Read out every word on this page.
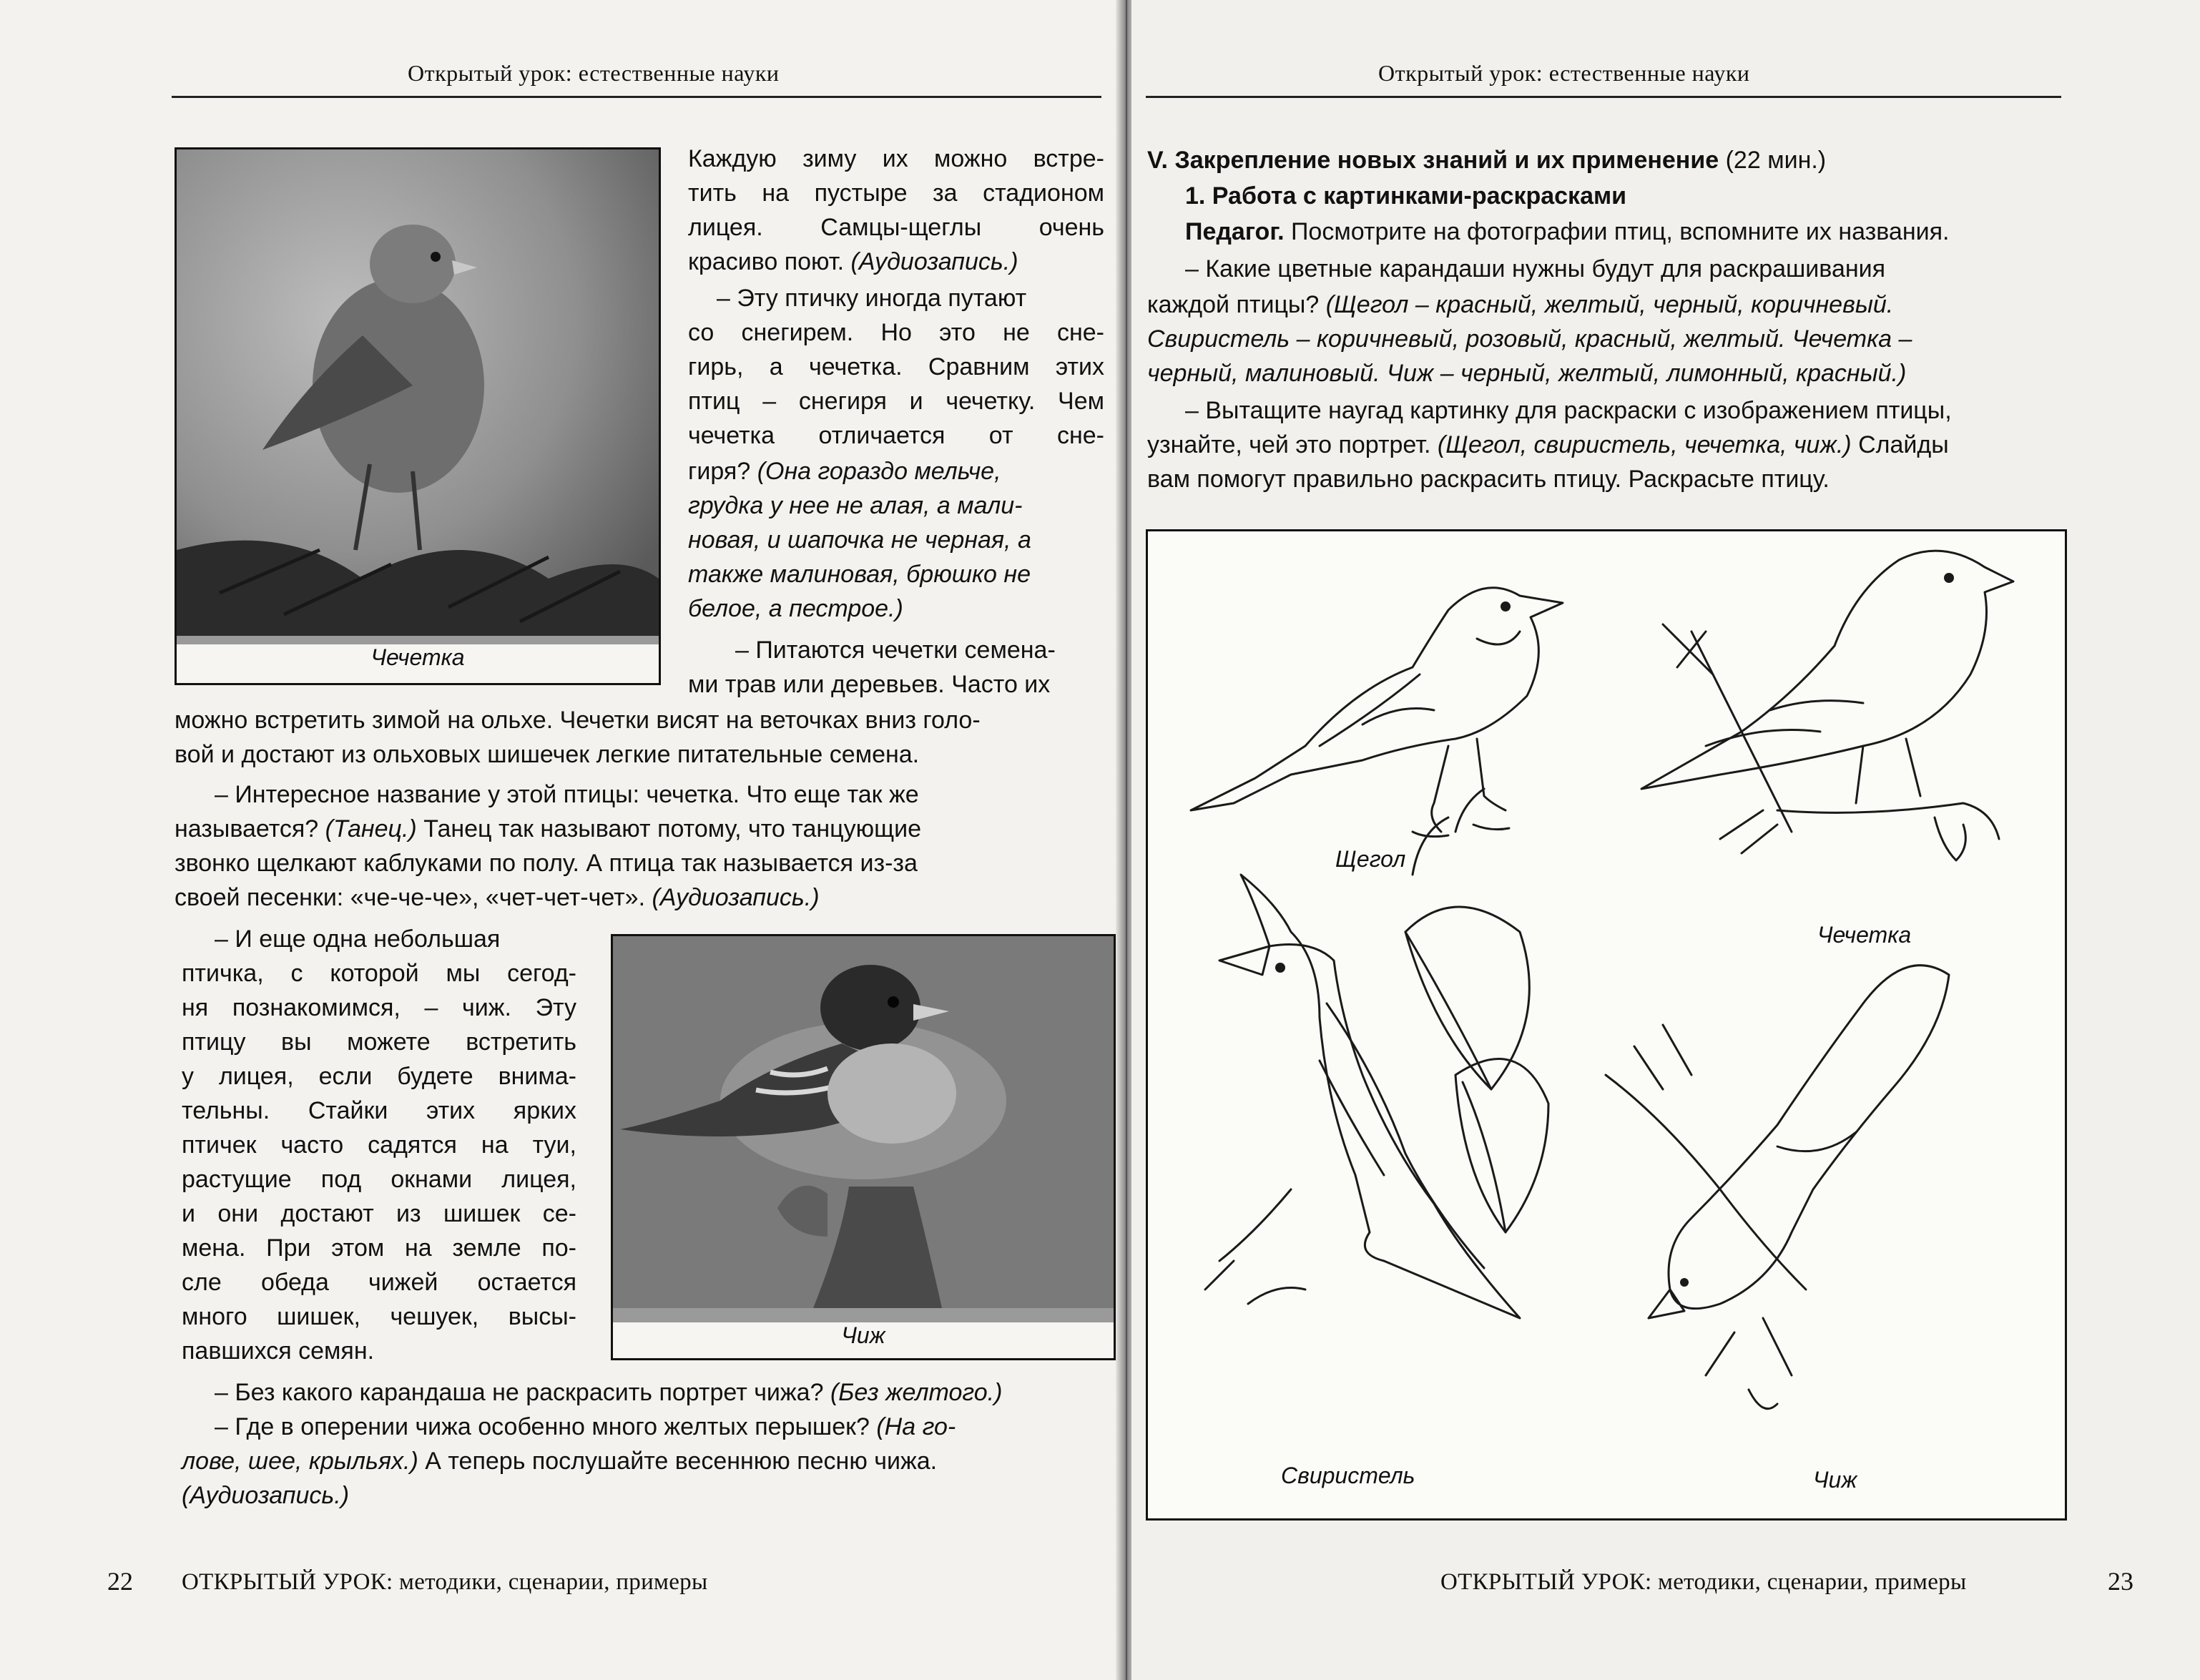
Открытый урок: естественные науки
Чечетка
Каждую зиму их можно встре-
тить на пустыре за стадионом
лицея. Самцы-щеглы очень
красиво поют. (Аудиозапись.)
– Эту птичку иногда путают
со снегирем. Но это не сне-
гирь, а чечетка. Сравним этих
птиц – снегиря и чечетку. Чем
чечетка отличается от сне-
гиря? (Она гораздо мельче,
грудка у нее не алая, а мали-
новая, и шапочка не черная, а
также малиновая, брюшко не
белое, а пестрое.)
– Питаются чечетки семена-
ми трав или деревьев. Часто их
можно встретить зимой на ольхе. Чечетки висят на веточках вниз голо-
вой и достают из ольховых шишечек легкие питательные семена.
– Интересное название у этой птицы: чечетка. Что еще так же
называется? (Танец.) Танец так называют потому, что танцующие
звонко щелкают каблуками по полу. А птица так называется из-за
своей песенки: «че-че-че», «чет-чет-чет». (Аудиозапись.)
– И еще одна небольшая
птичка, с которой мы сегод-
ня познакомимся, – чиж. Эту
птицу вы можете встретить
у лицея, если будете внима-
тельны. Стайки этих ярких
птичек часто садятся на туи,
растущие под окнами лицея,
и они достают из шишек се-
мена. При этом на земле по-
сле обеда чижей остается
много шишек, чешуек, высы-
павшихся семян.
Чиж
– Без какого карандаша не раскрасить портрет чижа? (Без желтого.)
– Где в оперении чижа особенно много желтых перышек? (На го-
лове, шее, крыльях.) А теперь послушайте весеннюю песню чижа.
(Аудиозапись.)
22 ОТКРЫТЫЙ УРОК: методики, сценарии, примеры
Открытый урок: естественные науки
V. Закрепление новых знаний и их применение (22 мин.)
1. Работа с картинками-раскрасками
Педагог. Посмотрите на фотографии птиц, вспомните их названия.
– Какие цветные карандаши нужны будут для раскрашивания
каждой птицы? (Щегол – красный, желтый, черный, коричневый.
Свиристель – коричневый, розовый, красный, желтый. Чечетка –
черный, малиновый. Чиж – черный, желтый, лимонный, красный.)
– Вытащите наугад картинку для раскраски с изображением птицы,
узнайте, чей это портрет. (Щегол, свиристель, чечетка, чиж.) Слайды
вам помогут правильно раскрасить птицу. Раскрасьте птицу.
Щегол
Чечетка
Свиристель	Чиж
ОТКРЫТЫЙ УРОК: методики, сценарии, примеры	23
